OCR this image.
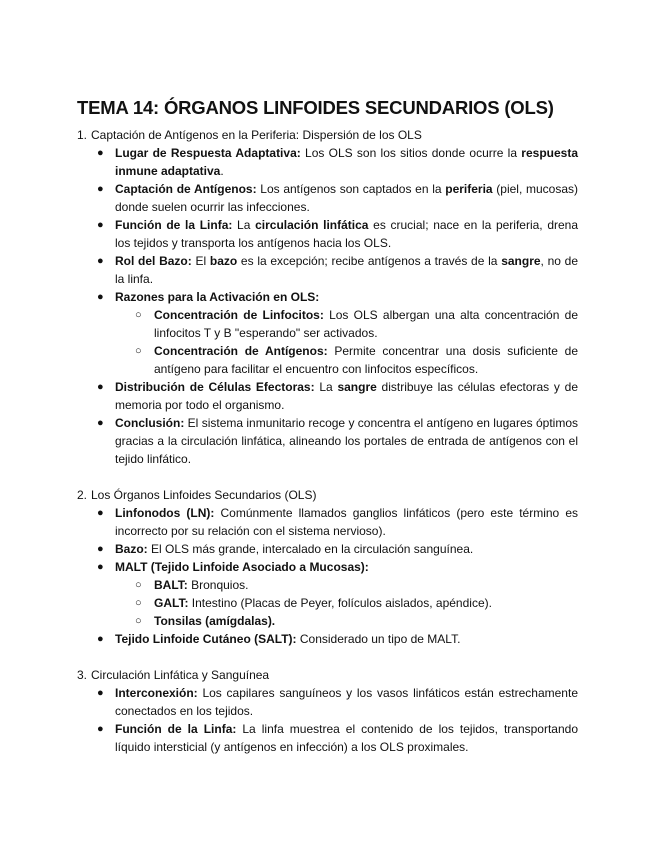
TEMA 14: ÓRGANOS LINFOIDES SECUNDARIOS (OLS)
1. Captación de Antígenos en la Periferia: Dispersión de los OLS
● Lugar de Respuesta Adaptativa: Los OLS son los sitios donde ocurre la respuesta inmune adaptativa.
● Captación de Antígenos: Los antígenos son captados en la periferia (piel, mucosas) donde suelen ocurrir las infecciones.
● Función de la Linfa: La circulación linfática es crucial; nace en la periferia, drena los tejidos y transporta los antígenos hacia los OLS.
● Rol del Bazo: El bazo es la excepción; recibe antígenos a través de la sangre, no de la linfa.
● Razones para la Activación en OLS:
○ Concentración de Linfocitos: Los OLS albergan una alta concentración de linfocitos T y B "esperando" ser activados.
○ Concentración de Antígenos: Permite concentrar una dosis suficiente de antígeno para facilitar el encuentro con linfocitos específicos.
● Distribución de Células Efectoras: La sangre distribuye las células efectoras y de memoria por todo el organismo.
● Conclusión: El sistema inmunitario recoge y concentra el antígeno en lugares óptimos gracias a la circulación linfática, alineando los portales de entrada de antígenos con el tejido linfático.
2. Los Órganos Linfoides Secundarios (OLS)
● Linfonodos (LN): Comúnmente llamados ganglios linfáticos (pero este término es incorrecto por su relación con el sistema nervioso).
● Bazo: El OLS más grande, intercalado en la circulación sanguínea.
● MALT (Tejido Linfoide Asociado a Mucosas):
○ BALT: Bronquios.
○ GALT: Intestino (Placas de Peyer, folículos aislados, apéndice).
○ Tonsilas (amígdalas).
● Tejido Linfoide Cutáneo (SALT): Considerado un tipo de MALT.
3. Circulación Linfática y Sanguínea
● Interconexión: Los capilares sanguíneos y los vasos linfáticos están estrechamente conectados en los tejidos.
● Función de la Linfa: La linfa muestrea el contenido de los tejidos, transportando líquido intersticial (y antígenos en infección) a los OLS proximales.
